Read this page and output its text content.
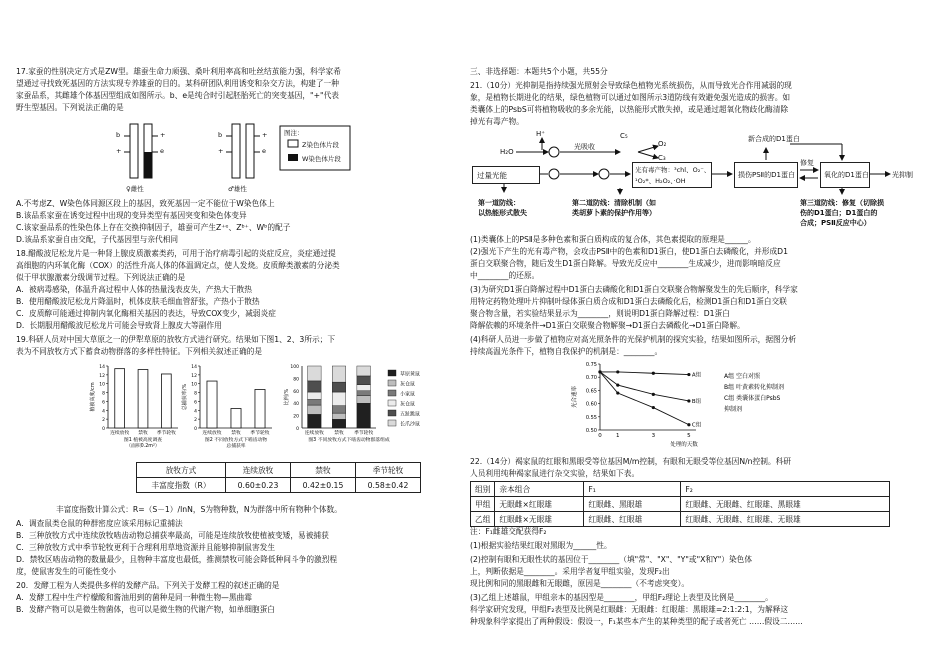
17.家蚕的性别决定方式是ZW型。雄蚕生命力顽强、桑叶利用率高和吐丝结茧能力强，科学家希
望通过寻找致死基因的方法实现专养雄蚕的目的。某科研团队利用诱变和杂交方法，构建了一种
家蚕品系，其雌雄个体基因型组成如图所示。b、e是纯合时引起胚胎死亡的突变基因，"+"代表
野生型基因。下列说法正确的是
b
+
+
e
b
+
+
e
♀雌性	♂雄性
图注：
Z染色体片段
W染色体片段
A.不考虑Z、W染色体同源区段上的基因，致死基因一定不能位于W染色体上
B.该品系家蚕在诱变过程中出现的变异类型有基因突变和染色体变异
C.该家蚕品系的性染色体上存在交换抑制因子，雄蚕可产生Z⁺ᵉ、Zᵇ⁺、Wᵇ的配子
D.该品系家蚕自由交配，子代基因型与亲代相同
18.醋酸波尼松龙片是一种肾上腺皮质激素类药，可用于治疗病毒引起的炎症反应，炎症通过提
高细胞的内环氧化酶（COX）的活性升高人体的体温调定点，使人发烧。皮质醇类激素的分泌类
似于甲状腺激素分级调节过程。下列说法正确的是
A．被病毒感染，体温升高过程中人体的热量浅表皮失，产热大于散热
B．使用醋酸波尼松龙片降温时，机体皮肤毛细血管舒张，产热小于散热
C．皮质醇可能通过抑制内氧化酶相关基因的表达，导致COX变少，减弱炎症
D．长期服用醋酸波尼松龙片可能会导致肾上腺皮大等副作用
19.科研人员对中国大草原之一的伊犁草原的放牧方式进行研究。结果如下图1、2、3所示；下
表为不同放牧方式下蓄食动物群落的多样性特征。下列相关叙述正确的是
0
2
4
6
8
10
12
14
植被高度/cm
连续放牧 禁牧 季节轮牧
图1 植被高度调查
（面积0.2m²）
0
2
4
6
8
10
12
14
总捕获率/%
连续放牧 禁牧 季节轮牧
图2 不同放牧方式下啮齿动物
总捕获率
0
20
40
60
80
100
比例/%
连续放牧 禁牧 季节轮牧
图3 不同放牧方式下啮齿动物群落组成
草原黄鼠
灰仓鼠
小家鼠
灰仓鼠
五趾跳鼠
长爪沙鼠
放牧方式	连续放牧	禁牧	季节轮牧
丰富度指数（R）	0.60±0.23	0.42±0.15	0.58±0.42
丰富度指数计算公式：R=（S－1）/lnN，S为物种数，N为群落中所有物种个体数。
A．调查鼠类仓鼠的种群密度应该采用标记重捕法
B．三种放牧方式中连续放牧啮齿动物总捕获率最高，可能是连续放牧使植被变矮，易被捕获
C．三种放牧方式中季节轮牧更利于合理利用草地资源并且能够抑制鼠害发生
D．禁牧区啮齿动物的数量最少，且物种丰富度也最低，推测禁牧可能会降低种间斗争的激烈程
度，使鼠害发生的可能性变小
20．发酵工程为人类提供多样的发酵产品。下列关于发酵工程的叙述正确的是
A．发酵工程中生产柠檬酸和酱油用到的菌种是同一种微生物—黑曲霉
B．发酵产物可以是微生物菌体，也可以是微生物的代谢产物，如单细胞蛋白
三、非选择题：本题共5个小题，共55分
21.（10分）光抑制是指持续强光照射会导致绿色植物光系统损伤，从而导致光合作用减弱的现
象，是植物长期进化的结果，绿色植物可以通过如图所示3道防线有效避免强光造成的损害。如
类囊体上的PsbS可将植物吸收的多余光能，以热能形式散失掉，或是通过超氧化物歧化酶清除
掉光有毒产物。
H₂O
H⁺
光吸收
C₅
O₂
C₃
过量光能
光有毒产物：³chl、O₂⁻、
¹O₂*、H₂O₂、·OH
新合成的D1蛋白
损伤PSⅡ的D1蛋白
修复
氧化的D1蛋白	光抑制
第一道防线：
以热能形式散失
第二道防线：清除机制（如
类胡萝卜素的保护作用等）
第三道防线：修复（切除损
伤的D1蛋白；D1蛋白的
合成；PSⅡ反应中心）
(1)类囊体上的PSⅡ是多种色素和蛋白质构成的复合体，其色素提取的原理是______。
(2)强光下产生的光有毒产物，会攻击PSⅡ中的色素和D1蛋白，使D1蛋白去磷酸化，并形成D1
蛋白交联聚合物，随后发生D1蛋白降解。导致光反应中________生成减少，进而影响暗反应
中________的还原。
(3)为研究D1蛋白降解过程中D1蛋白去磷酸化和D1蛋白交联聚合物解聚发生的先后顺序，科学家
用特定药物处理叶片抑制叶绿体蛋白质合成和D1蛋白去磷酸化后，检测D1蛋白和D1蛋白交联
聚合物含量，若实验结果显示为________，则说明D1蛋白降解过程：D1蛋白
降解依赖的环境条件→D1蛋白交联聚合物解聚→D1蛋白去磷酸化→D1蛋白降解。
(4)科研人员进一步做了植物应对高光照条件的光保护机制的探究实验，结果如图所示，据图分析
持续高温光条件下，植物自我保护的机制是：________。
0.50
0.55
0.60
0.65
0.70
0.75
0	1	3	5
光合速率
处理的天数
A组
B组
C组
A组 空白对照
B组 叶黄素转化抑制剂
C组 类囊体蛋白PsbS
抑制剂
22.（14分）褐家鼠的红眼和黑眼受等位基因M/m控制，有眼和无眼受等位基因N/n控制。科研
人员利用纯种褐家鼠进行杂交实验，结果如下表。
组别	亲本组合	F₁	F₂
甲组	无眼雌×红眼雄	红眼雌、黑眼雄	红眼雌、无眼雌、红眼雄、黑眼雄
乙组	红眼雌×无眼雄	红眼雌、红眼雄	红眼雌、无眼雌、红眼雄、无眼雄
注：F₁雌雄交配获得F₂
(1)根据实验结果红眼对黑眼为______性。
(2)控制有眼和无眼性状的基因位于________（填"常"、"X"、"Y"或"X和Y"）染色体
上，判断依据是________。采用学者复甲组实验，发现F₂出
现比例和同的黑眼雌和无眼雌，原因是________（不考虑突变）。
(3)乙组上述雄鼠，甲组亲本的基因型是________，甲组F₂理论上表型及比例是________。
科学家研究发现，甲组F₂表型及比例是红眼雌：无眼雌：红眼雄：黑眼雄=2:1:2:1，为解释这
种现象科学家提出了两种假设：假设一，F₁某些本产生的某种类型的配子或者死亡 ……假设二……
